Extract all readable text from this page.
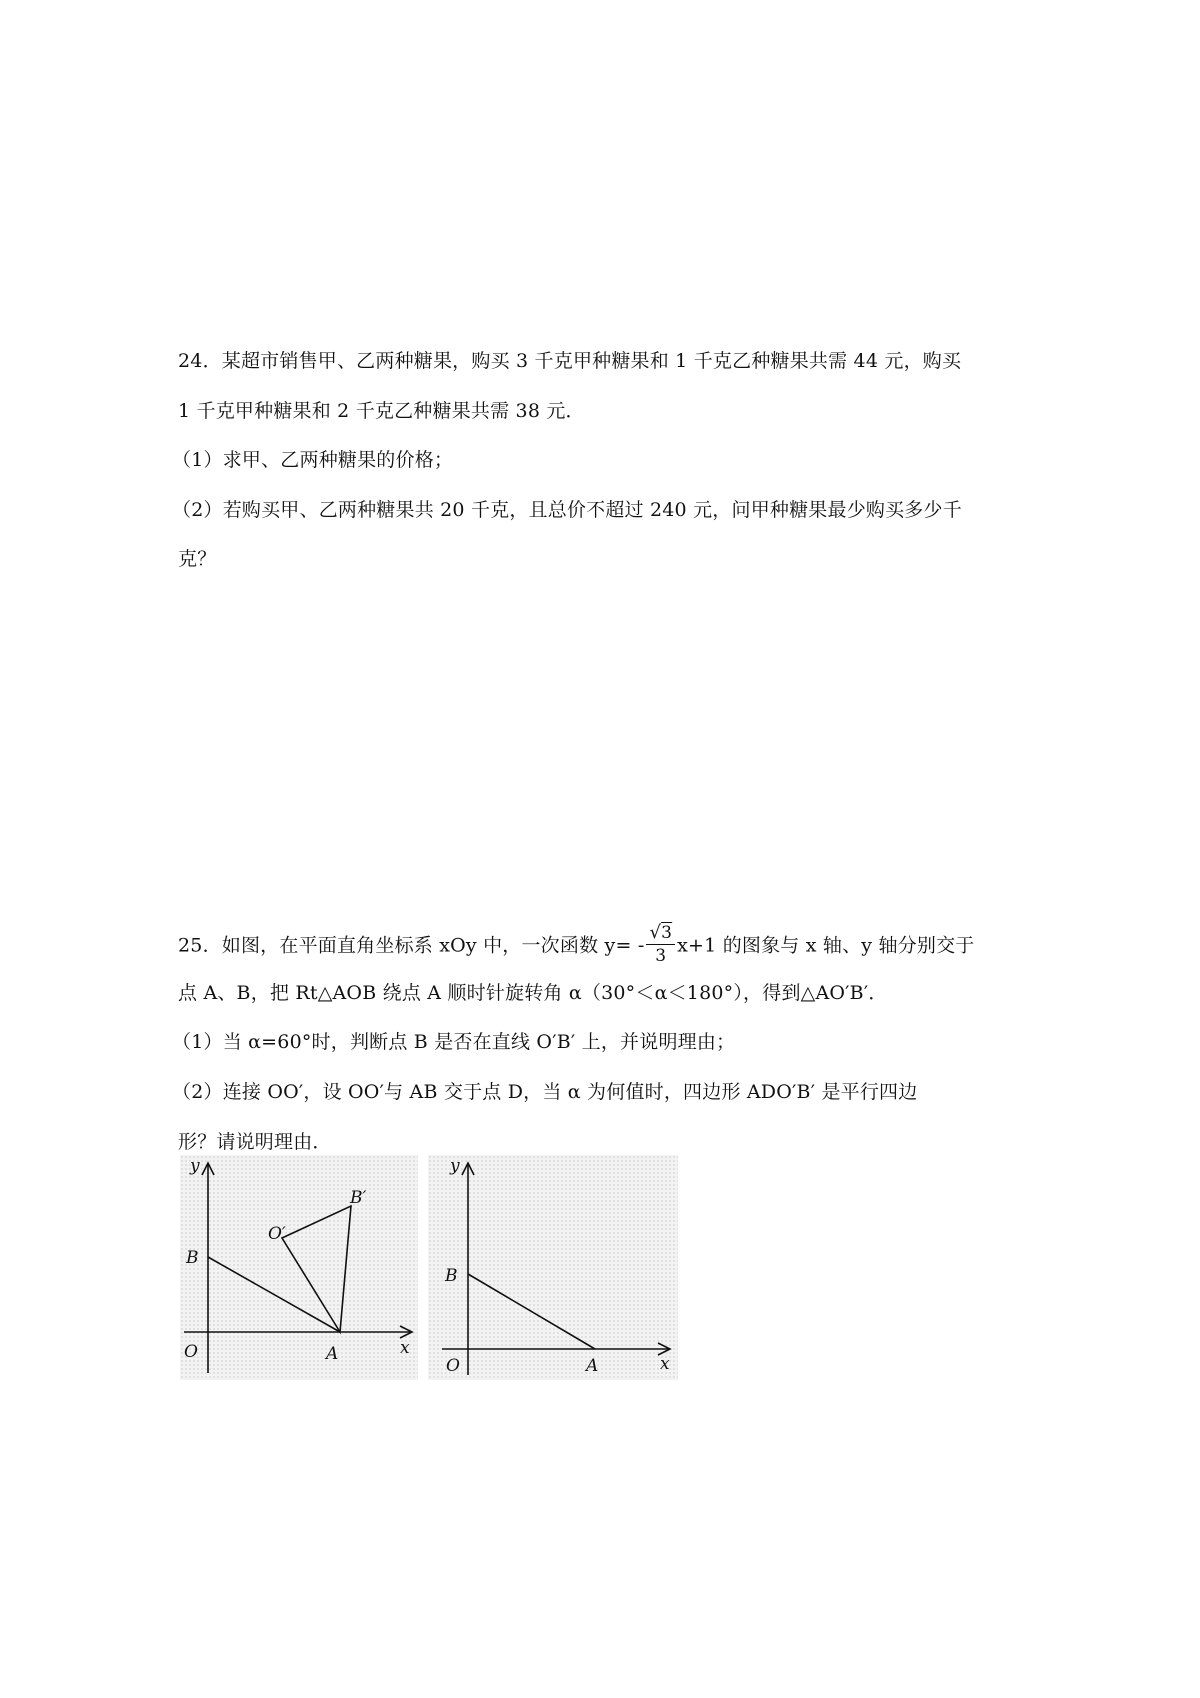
24．某超市销售甲、乙两种糖果，购买 3 千克甲种糖果和 1 千克乙种糖果共需 44 元，购买
1 千克甲种糖果和 2 千克乙种糖果共需 38 元．
（1）求甲、乙两种糖果的价格；
（2）若购买甲、乙两种糖果共 20 千克，且总价不超过 240 元，问甲种糖果最少购买多少千
克？
25．如图，在平面直角坐标系 xOy 中，一次函数 $y= - \frac{√3}{3} x+1$ 的图象与 x 轴、y 轴分别交于
点 A、B，把 Rt△AOB 绕点 A 顺时针旋转角 α（30°＜α＜180°），得到△AO′B′．
（1）当 α=60°时，判断点 B 是否在直线 O′B′ 上，并说明理由；
（2）连接 OO′，设 OO′与 AB 交于点 D，当 α 为何值时，四边形 ADO′B′ 是平行四边
形？请说明理由．
y
x
O	A
B
O′
B′
y
x
O	A
B
